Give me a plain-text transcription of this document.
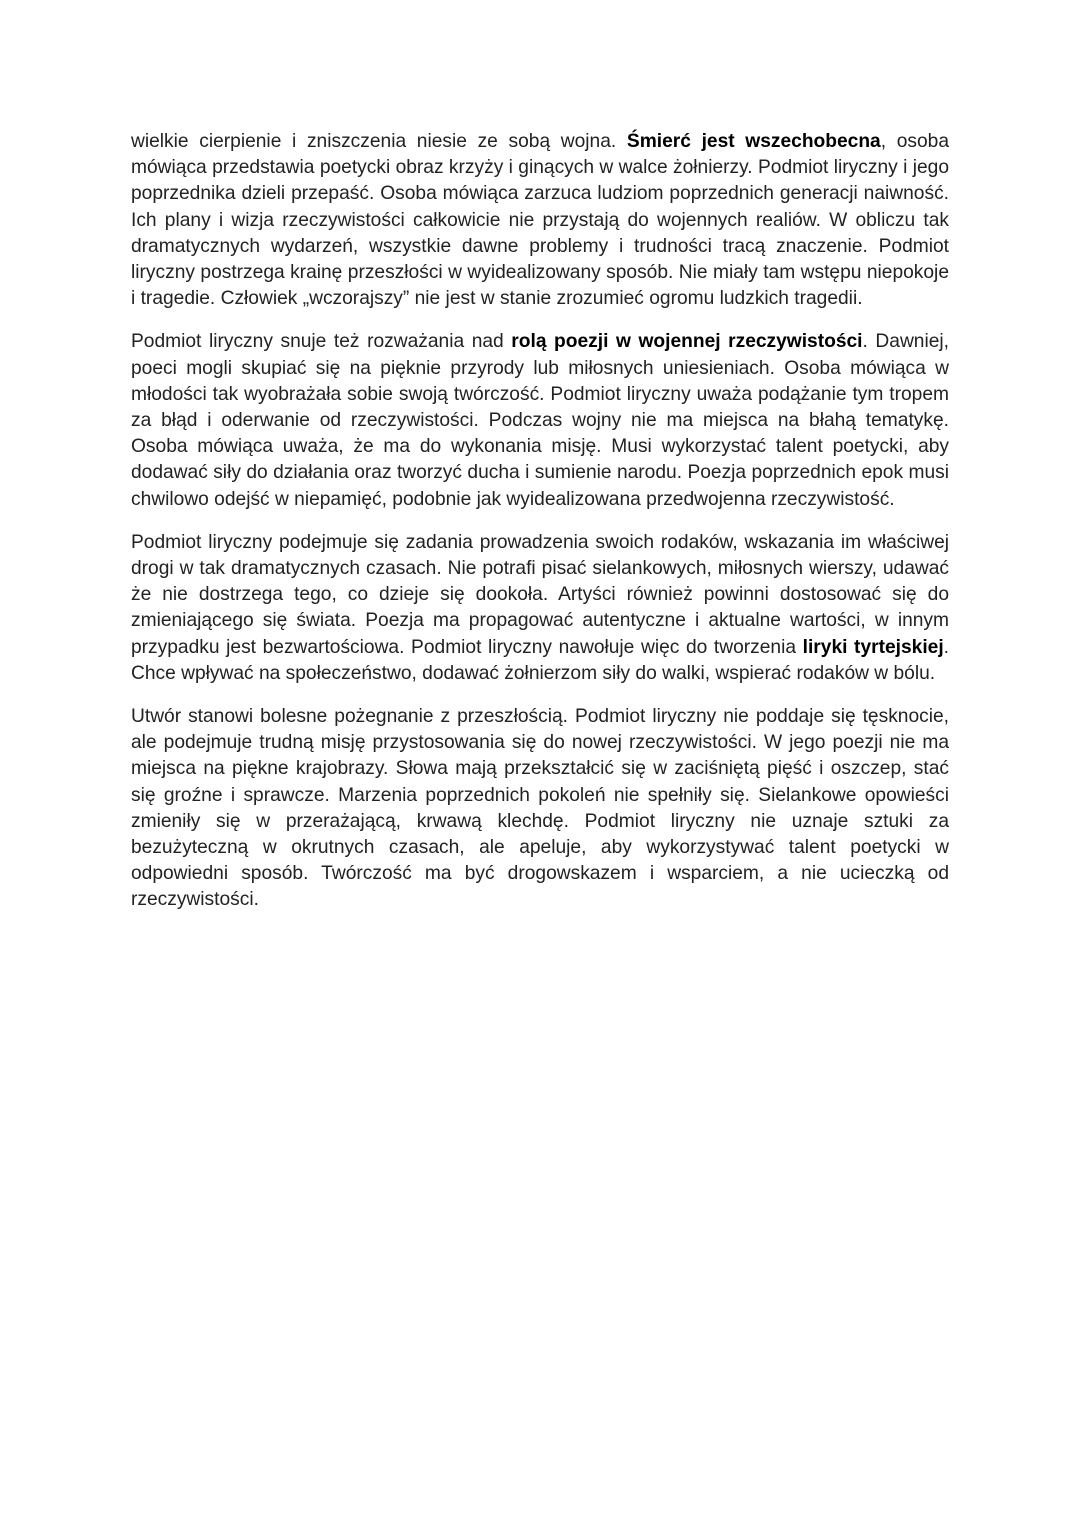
wielkie cierpienie i zniszczenia niesie ze sobą wojna. Śmierć jest wszechobecna, osoba mówiąca przedstawia poetycki obraz krzyży i ginących w walce żołnierzy. Podmiot liryczny i jego poprzednika dzieli przepaść. Osoba mówiąca zarzuca ludziom poprzednich generacji naiwność. Ich plany i wizja rzeczywistości całkowicie nie przystają do wojennych realiów. W obliczu tak dramatycznych wydarzeń, wszystkie dawne problemy i trudności tracą znaczenie. Podmiot liryczny postrzega krainę przeszłości w wyidealizowany sposób. Nie miały tam wstępu niepokoje i tragedie. Człowiek „wczorajszy” nie jest w stanie zrozumieć ogromu ludzkich tragedii.

Podmiot liryczny snuje też rozważania nad rolą poezji w wojennej rzeczywistości. Dawniej, poeci mogli skupiać się na pięknie przyrody lub miłosnych uniesieniach. Osoba mówiąca w młodości tak wyobrażała sobie swoją twórczość. Podmiot liryczny uważa podążanie tym tropem za błąd i oderwanie od rzeczywistości. Podczas wojny nie ma miejsca na błahą tematykę. Osoba mówiąca uważa, że ma do wykonania misję. Musi wykorzystać talent poetycki, aby dodawać siły do działania oraz tworzyć ducha i sumienie narodu. Poezja poprzednich epok musi chwilowo odejść w niepamięć, podobnie jak wyidealizowana przedwojenna rzeczywistość.

Podmiot liryczny podejmuje się zadania prowadzenia swoich rodaków, wskazania im właściwej drogi w tak dramatycznych czasach. Nie potrafi pisać sielankowych, miłosnych wierszy, udawać że nie dostrzega tego, co dzieje się dookoła. Artyści również powinni dostosować się do zmieniającego się świata. Poezja ma propagować autentyczne i aktualne wartości, w innym przypadku jest bezwartościowa. Podmiot liryczny nawołuje więc do tworzenia liryki tyrtejskiej. Chce wpływać na społeczeństwo, dodawać żołnierzom siły do walki, wspierać rodaków w bólu.

Utwór stanowi bolesne pożegnanie z przeszłością. Podmiot liryczny nie poddaje się tęsknocie, ale podejmuje trudną misję przystosowania się do nowej rzeczywistości. W jego poezji nie ma miejsca na piękne krajobrazy. Słowa mają przekształcić się w zaciśniętą pięść i oszczep, stać się groźne i sprawcze. Marzenia poprzednich pokoleń nie spełniły się. Sielankowe opowieści zmieniły się w przerażającą, krwawą klechdę. Podmiot liryczny nie uznaje sztuki za bezużyteczną w okrutnych czasach, ale apeluje, aby wykorzystywać talent poetycki w odpowiedni sposób. Twórczość ma być drogowskazem i wsparciem, a nie ucieczką od rzeczywistości.
